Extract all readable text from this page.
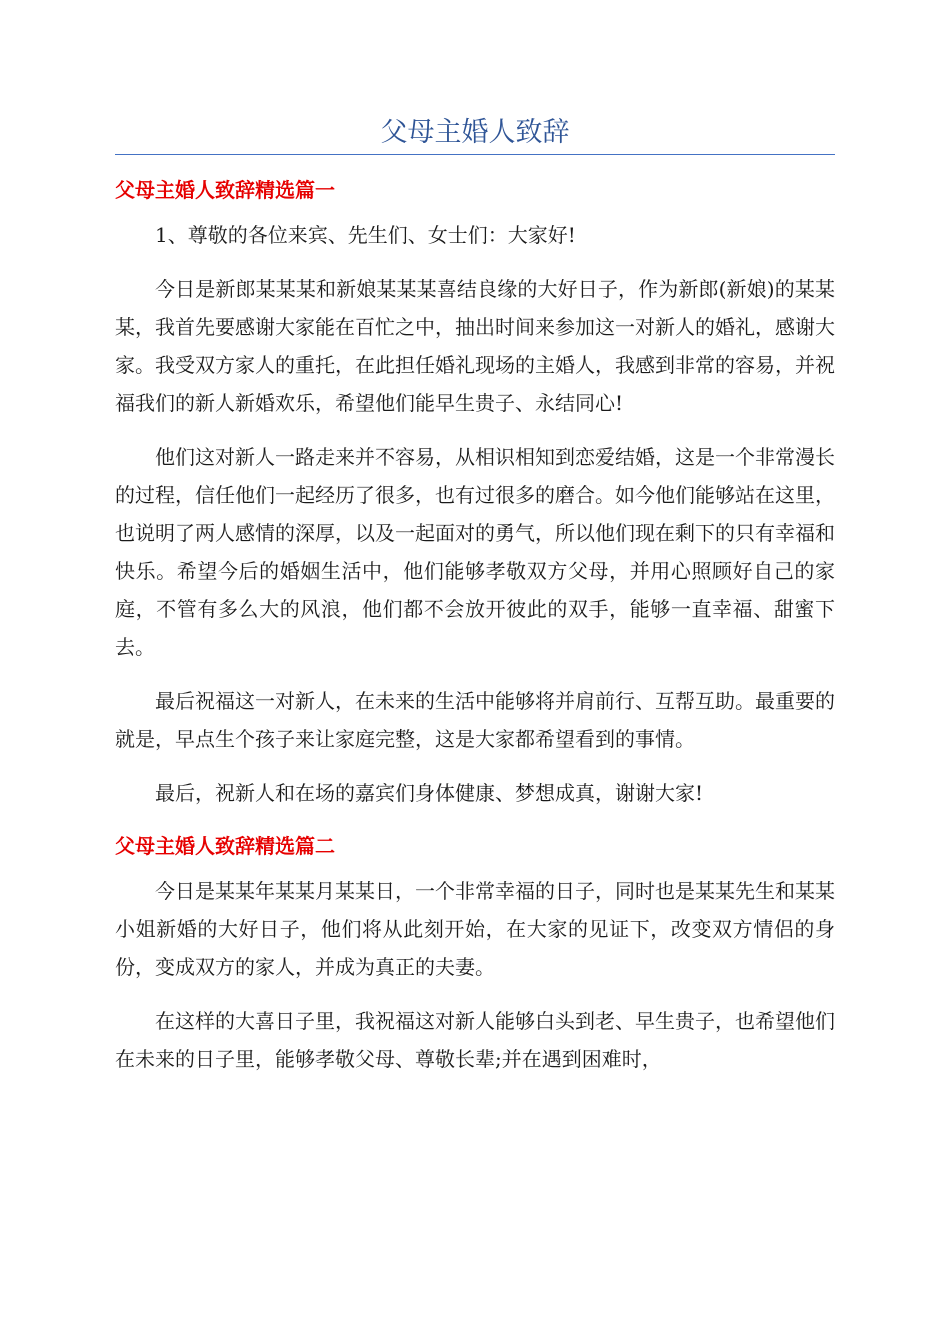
父母主婚人致辞
父母主婚人致辞精选篇一

1、尊敬的各位来宾、先生们、女士们：大家好!

今日是新郎某某某和新娘某某某喜结良缘的大好日子，作为新郎(新娘)的某某某，我首先要感谢大家能在百忙之中，抽出时间来参加这一对新人的婚礼，感谢大家。我受双方家人的重托，在此担任婚礼现场的主婚人，我感到非常的容易，并祝福我们的新人新婚欢乐，希望他们能早生贵子、永结同心!

他们这对新人一路走来并不容易，从相识相知到恋爱结婚，这是一个非常漫长的过程，信任他们一起经历了很多，也有过很多的磨合。如今他们能够站在这里，也说明了两人感情的深厚，以及一起面对的勇气，所以他们现在剩下的只有幸福和快乐。希望今后的婚姻生活中，他们能够孝敬双方父母，并用心照顾好自己的家庭，不管有多么大的风浪，他们都不会放开彼此的双手，能够一直幸福、甜蜜下去。

最后祝福这一对新人，在未来的生活中能够将并肩前行、互帮互助。最重要的就是，早点生个孩子来让家庭完整，这是大家都希望看到的事情。

最后，祝新人和在场的嘉宾们身体健康、梦想成真，谢谢大家!

父母主婚人致辞精选篇二

今日是某某年某某月某某日，一个非常幸福的日子，同时也是某某先生和某某小姐新婚的大好日子，他们将从此刻开始，在大家的见证下，改变双方情侣的身份，变成双方的家人，并成为真正的夫妻。

在这样的大喜日子里，我祝福这对新人能够白头到老、早生贵子，也希望他们在未来的日子里，能够孝敬父母、尊敬长辈;并在遇到困难时，
